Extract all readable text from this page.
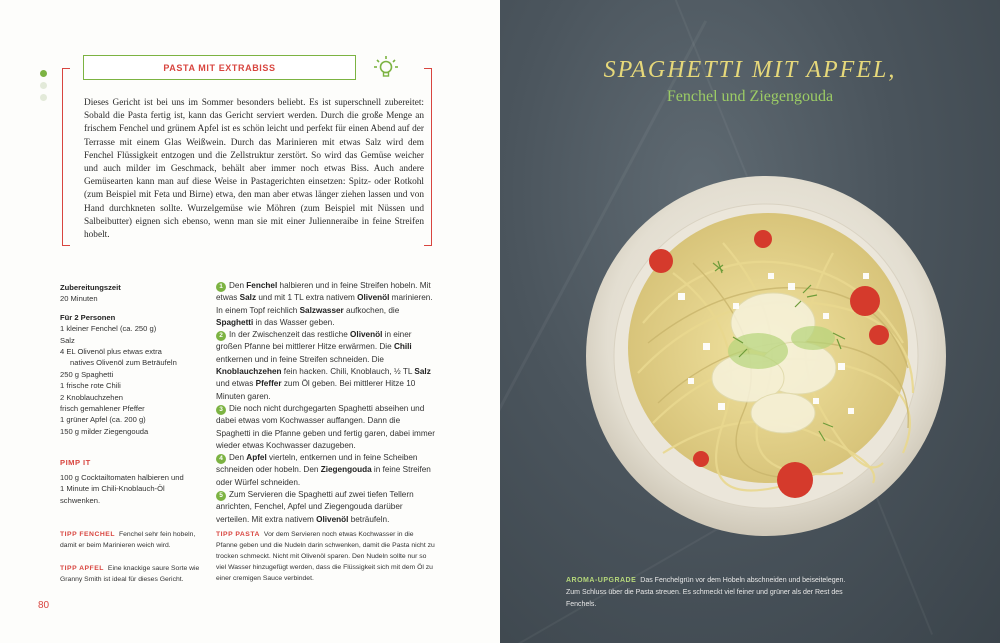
PASTA MIT EXTRABISS

Dieses Gericht ist bei uns im Sommer besonders beliebt. Es ist superschnell zubereitet: Sobald die Pasta fertig ist, kann das Gericht serviert werden. Durch die große Menge an frischem Fenchel und grünem Apfel ist es schön leicht und perfekt für einen Abend auf der Terrasse mit einem Glas Weißwein. Durch das Marinieren mit etwas Salz wird dem Fenchel Flüssigkeit entzogen und die Zellstruktur zerstört. So wird das Gemüse weicher und auch milder im Geschmack, behält aber immer noch etwas Biss. Auch andere Gemüsearten kann man auf diese Weise in Pastagerichten einsetzen: Spitz- oder Rotkohl (zum Beispiel mit Feta und Birne) etwa, den man aber etwas länger ziehen lassen und von Hand durchkneten sollte. Wurzelgemüse wie Möhren (zum Beispiel mit Nüssen und Salbeibutter) eignen sich ebenso, wenn man sie mit einer Julienneraibe in feine Streifen hobelt.

Zubereitungszeit
20 Minuten
Für 2 Personen
1 kleiner Fenchel (ca. 250 g)
Salz
4 EL Olivenöl plus etwas extra
natives Olivenöl zum Beträufeln
250 g Spaghetti
1 frische rote Chili
2 Knoblauchzehen
frisch gemahlener Pfeffer
1 grüner Apfel (ca. 200 g)
150 g milder Ziegengouda
PIMP IT
100 g Cocktailtomaten halbieren und
1 Minute im Chili-Knoblauch-Öl schwenken.

1 Den Fenchel halbieren und in feine Streifen hobeln. Mit etwas Salz und mit 1 TL extra nativem Olivenöl marinieren. In einem Topf reichlich Salzwasser aufkochen, die Spaghetti in das Wasser geben.

2 In der Zwischenzeit das restliche Olivenöl in einer großen Pfanne bei mittlerer Hitze erwärmen. Die Chili entkernen und in feine Streifen schneiden. Die Knoblauchzehen fein hacken. Chili, Knoblauch, ½ TL Salz und etwas Pfeffer zum Öl geben. Bei mittlerer Hitze 10 Minuten garen.

3 Die noch nicht durchgegarten Spaghetti abseihen und dabei etwas vom Kochwasser auffangen. Dann die Spaghetti in die Pfanne geben und fertig garen, dabei immer wieder etwas Kochwasser dazugeben.

4 Den Apfel vierteln, entkernen und in feine Scheiben schneiden oder hobeln. Den Ziegengouda in feine Streifen oder Würfel schneiden.

5 Zum Servieren die Spaghetti auf zwei tiefen Tellern anrichten, Fenchel, Apfel und Ziegengouda darüber verteilen. Mit extra nativem Olivenöl beträufeln.

TIPP FENCHEL Fenchel sehr fein hobeln, damit er beim Marinieren weich wird.
TIPP APFEL Eine knackige saure Sorte wie Granny Smith ist ideal für dieses Gericht.
TIPP PASTA Vor dem Servieren noch etwas Kochwasser in die Pfanne geben und die Nudeln darin schwenken, damit die Pasta nicht zu trocken schmeckt. Nicht mit Olivenöl sparen. Den Nudeln sollte nur so viel Wasser hinzugefügt werden, dass die Flüssigkeit sich mit dem Öl zu einer cremigen Sauce verbindet.
80
SPAGHETTI MIT APFEL,
Fenchel und Ziegengouda
AROMA-UPGRADE Das Fenchelgrün vor dem Hobeln abschneiden und beiseitelegen. Zum Schluss über die Pasta streuen. Es schmeckt viel feiner und grüner als der Rest des Fenchels.
